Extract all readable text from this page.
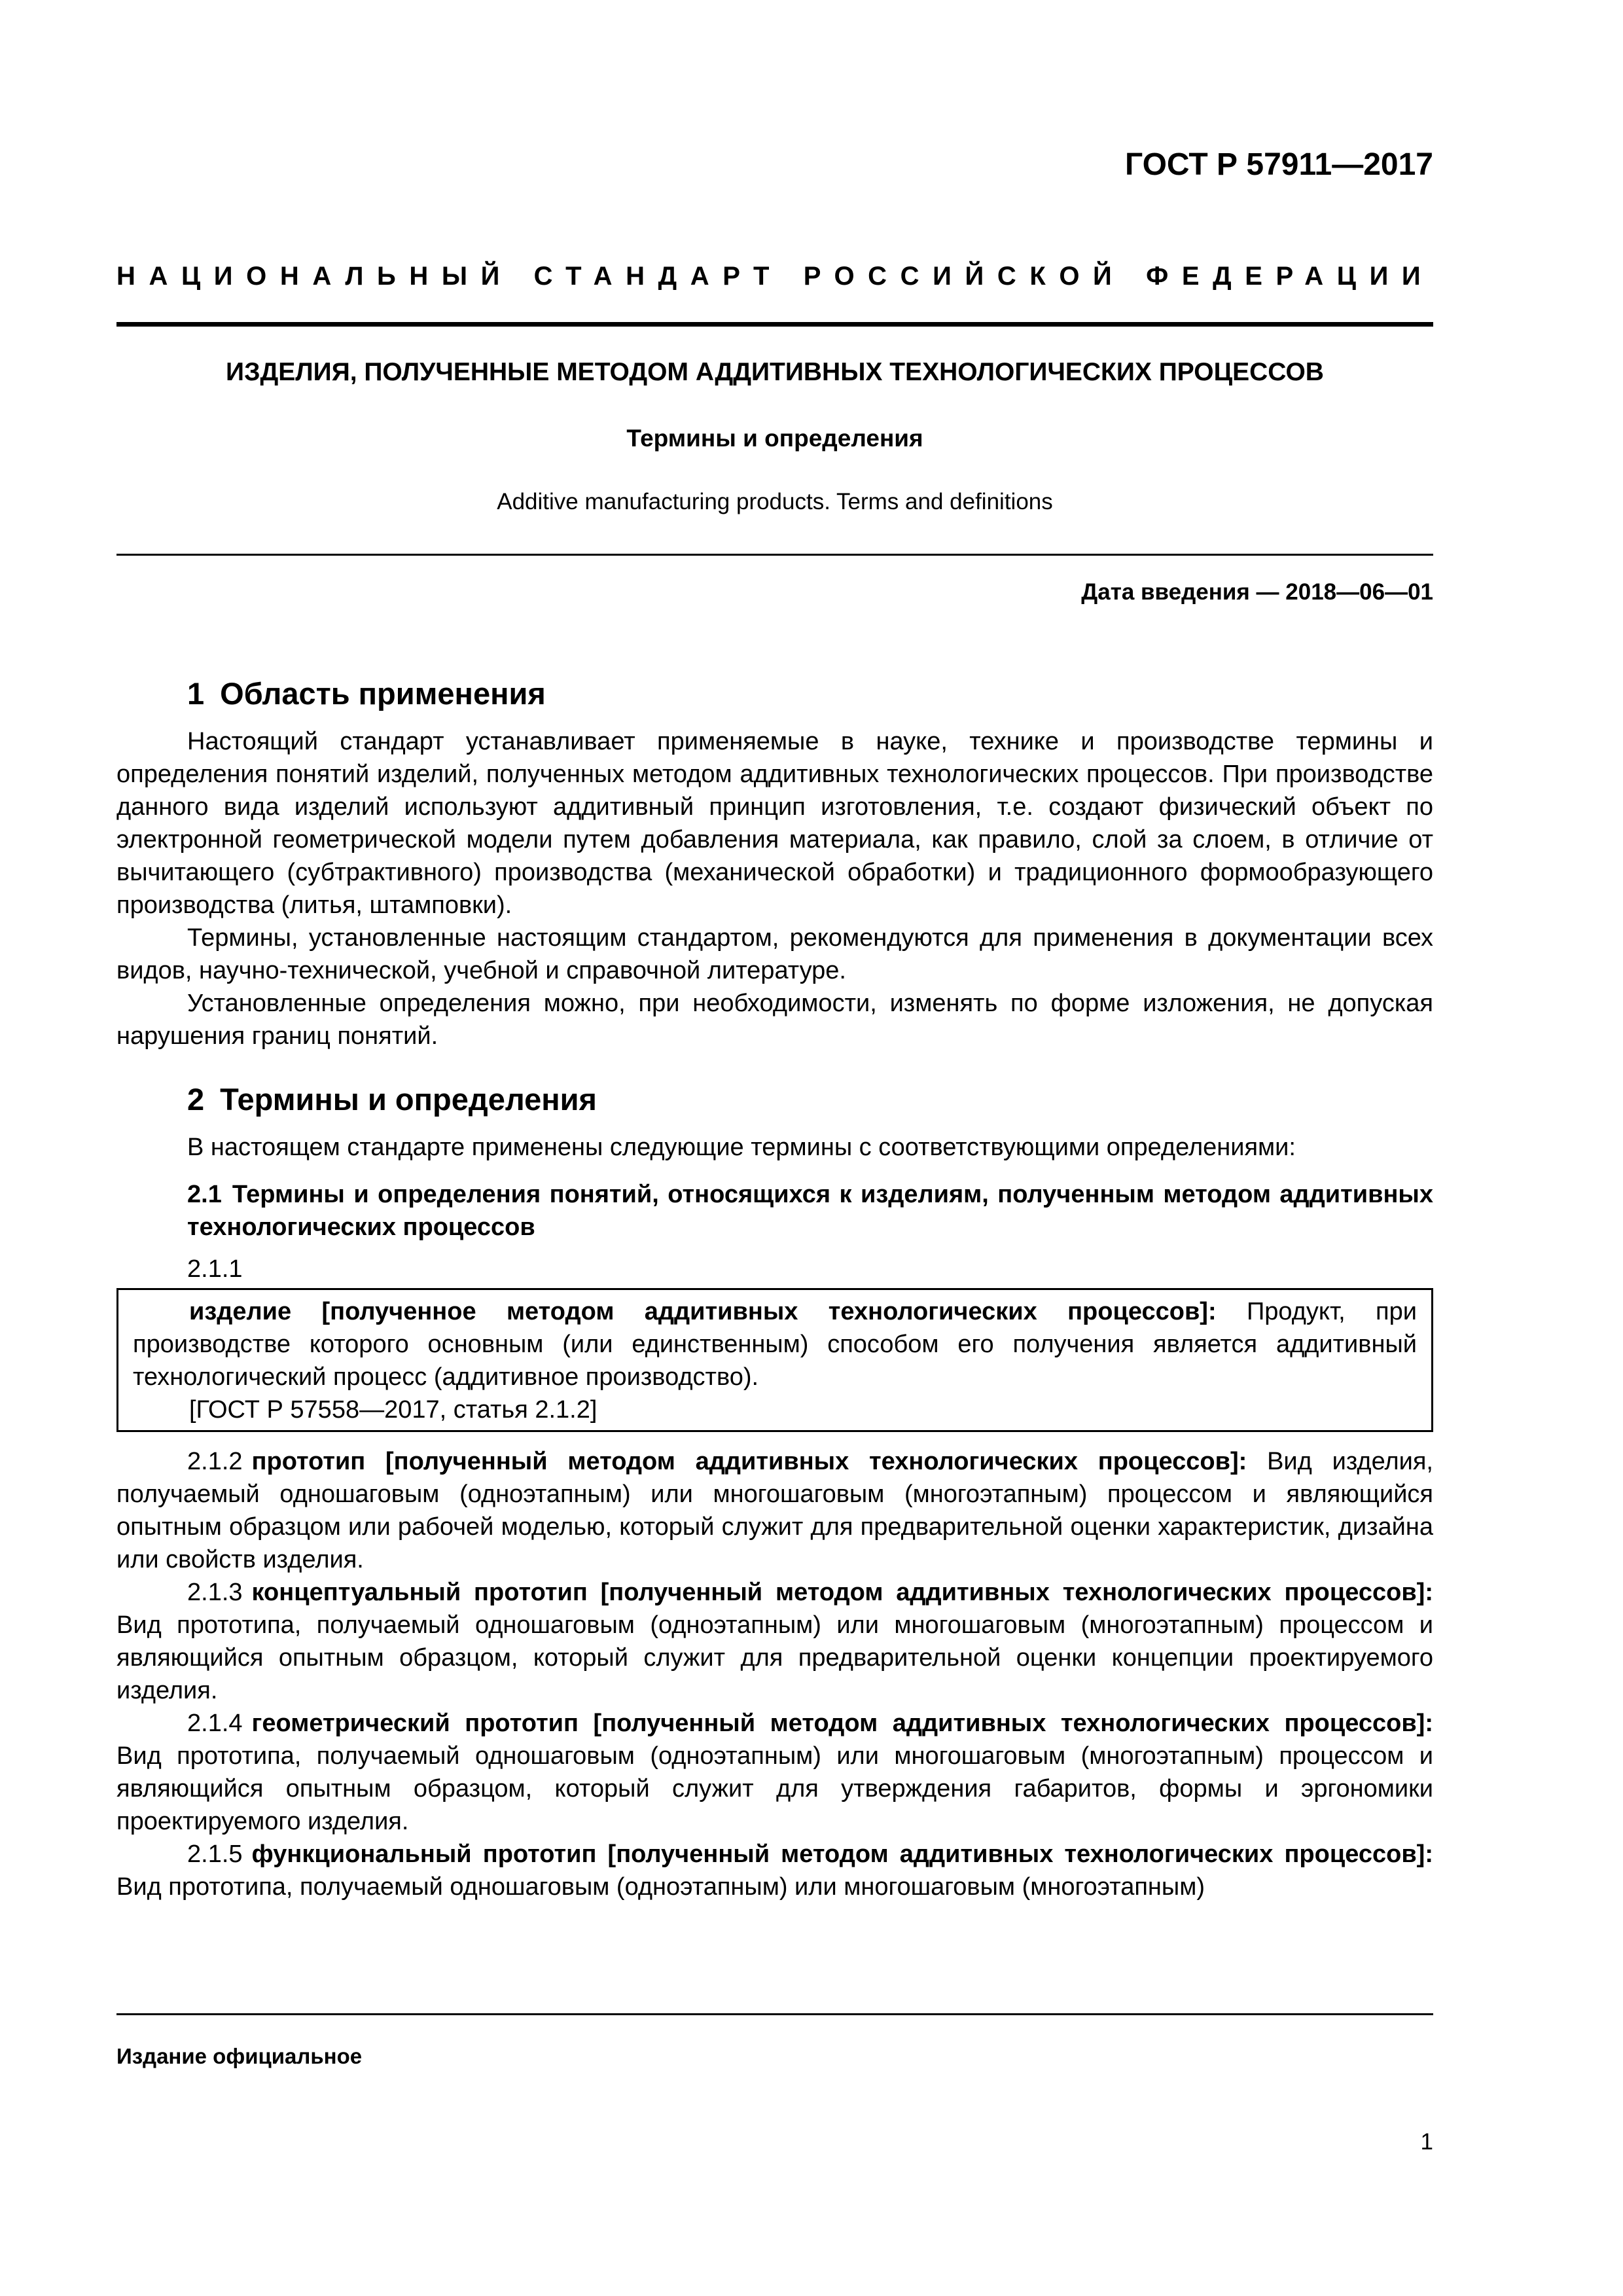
ГОСТ Р 57911—2017
НАЦИОНАЛЬНЫЙ СТАНДАРТ РОССИЙСКОЙ ФЕДЕРАЦИИ
ИЗДЕЛИЯ, ПОЛУЧЕННЫЕ МЕТОДОМ АДДИТИВНЫХ ТЕХНОЛОГИЧЕСКИХ ПРОЦЕССОВ
Термины и определения
Additive manufacturing products. Terms and definitions
Дата введения — 2018—06—01
1 Область применения

Настоящий стандарт устанавливает применяемые в науке, технике и производстве термины и определения понятий изделий, полученных методом аддитивных технологических процессов. При производстве данного вида изделий используют аддитивный принцип изготовления, т.е. создают физический объект по электронной геометрической модели путем добавления материала, как правило, слой за слоем, в отличие от вычитающего (субтрактивного) производства (механической обработки) и традиционного формообразующего производства (литья, штамповки).

Термины, установленные настоящим стандартом, рекомендуются для применения в документации всех видов, научно-технической, учебной и справочной литературе.

Установленные определения можно, при необходимости, изменять по форме изложения, не допуская нарушения границ понятий.

2 Термины и определения

В настоящем стандарте применены следующие термины с соответствующими определениями:

2.1 Термины и определения понятий, относящихся к изделиям, полученным методом аддитивных технологических процессов

2.1.1

изделие [полученное методом аддитивных технологических процессов]: Продукт, при производстве которого основным (или единственным) способом его получения является аддитивный технологический процесс (аддитивное производство).

[ГОСТ Р 57558—2017, статья 2.1.2]

2.1.2 прототип [полученный методом аддитивных технологических процессов]: Вид изделия, получаемый одношаговым (одноэтапным) или многошаговым (многоэтапным) процессом и являющийся опытным образцом или рабочей моделью, который служит для предварительной оценки характеристик, дизайна или свойств изделия.

2.1.3 концептуальный прототип [полученный методом аддитивных технологических процессов]: Вид прототипа, получаемый одношаговым (одноэтапным) или многошаговым (многоэтапным) процессом и являющийся опытным образцом, который служит для предварительной оценки концепции проектируемого изделия.

2.1.4 геометрический прототип [полученный методом аддитивных технологических процессов]: Вид прототипа, получаемый одношаговым (одноэтапным) или многошаговым (многоэтапным) процессом и являющийся опытным образцом, который служит для утверждения габаритов, формы и эргономики проектируемого изделия.

2.1.5 функциональный прототип [полученный методом аддитивных технологических процессов]: Вид прототипа, получаемый одношаговым (одноэтапным) или многошаговым (многоэтапным)

Издание официальное
1
